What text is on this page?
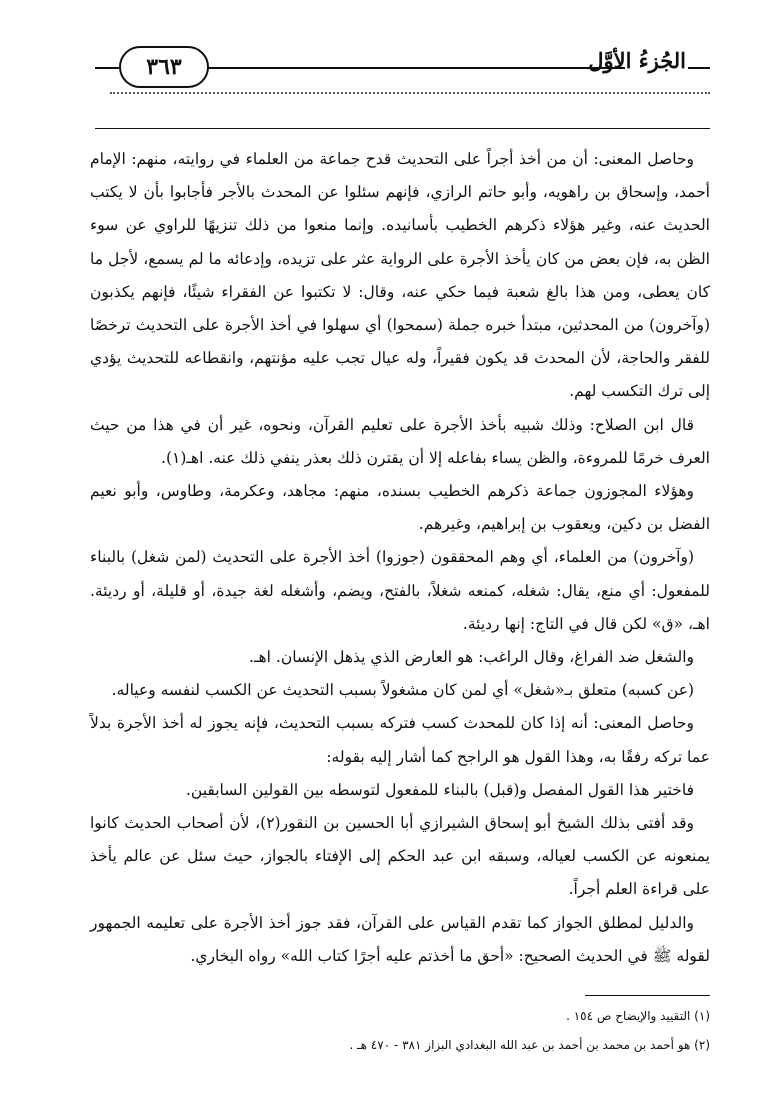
٣٦٣	الجُزءُ الأوَّل

وحاصل المعنى: أن من أخذ أجراً على التحديث قدح جماعة من العلماء في روايته، منهم: الإمام أحمد، وإسحاق بن راهويه، وأبو حاتم الرازي، فإنهم سئلوا عن المحدث بالأجر فأجابوا بأن لا يكتب الحديث عنه، وغير هؤلاء ذكرهم الخطيب بأسانيده. وإنما منعوا من ذلك تنزيهًا للراوي عن سوء الظن به، فإن بعض من كان يأخذ الأجرة على الرواية عثر على تزيده، وإدعائه ما لم يسمع، لأجل ما كان يعطى، ومن هذا بالغ شعبة فيما حكي عنه، وقال: لا تكتبوا عن الفقراء شيئًا، فإنهم يكذبون (وآخرون) من المحدثين، مبتدأ خبره جملة (سمحوا) أي سهلوا في أخذ الأجرة على التحديث ترخصًا للفقر والحاجة، لأن المحدث قد يكون فقيراً، وله عيال تجب عليه مؤنتهم، وانقطاعه للتحديث يؤدي إلى ترك التكسب لهم.

قال ابن الصلاح: وذلك شبيه بأخذ الأجرة على تعليم القرآن، ونحوه، غير أن في هذا من حيث العرف خرمًا للمروءة، والظن يساء بفاعله إلا أن يقترن ذلك بعذر ينفي ذلك عنه. اهـ(١).

وهؤلاء المجوزون جماعة ذكرهم الخطيب بسنده، منهم: مجاهد، وعكرمة، وطاوس، وأبو نعيم الفضل بن دكين، ويعقوب بن إبراهيم، وغيرهم.

(وآخرون) من العلماء، أي وهم المحققون (جوزوا) أخذ الأجرة على التحديث (لمن شغل) بالبناء للمفعول: أي منع، يقال: شغله، كمنعه شغلاً، بالفتح، ويضم، وأشغله لغة جيدة، أو قليلة، أو رديئة. اهـ، «ق» لكن قال في التاج: إنها رديئة.

والشغل ضد الفراغ، وقال الراغب: هو العارض الذي يذهل الإنسان. اهـ.

(عن كسبه) متعلق بـ«شغل» أي لمن كان مشغولاً بسبب التحديث عن الكسب لنفسه وعياله.

وحاصل المعنى: أنه إذا كان للمحدث كسب فتركه بسبب التحديث، فإنه يجوز له أخذ الأجرة بدلاً عما تركه رفقًا به، وهذا القول هو الراجح كما أشار إليه بقوله:

فاختير هذا القول المفصل و(قبل) بالبناء للمفعول لتوسطه بين القولين السابقين.

وقد أفتى بذلك الشيخ أبو إسحاق الشيرازي أبا الحسين بن النقور(٢)، لأن أصحاب الحديث كانوا يمنعونه عن الكسب لعياله، وسبقه ابن عبد الحكم إلى الإفتاء بالجواز، حيث سئل عن عالم يأخذ على قراءة العلم أجراً.

والدليل لمطلق الجواز كما تقدم القياس على القرآن، فقد جوز أخذ الأجرة على تعليمه الجمهور لقوله ﷺ في الحديث الصحيح: «أحق ما أخذتم عليه أجرًا كتاب الله» رواه البخاري.

(١) التقييد والإيضاح ص ١٥٤ .

(٢) هو أحمد بن محمد بن أحمد بن عبد الله البغدادي البزاز ٣٨١ - ٤٧٠ هـ .
